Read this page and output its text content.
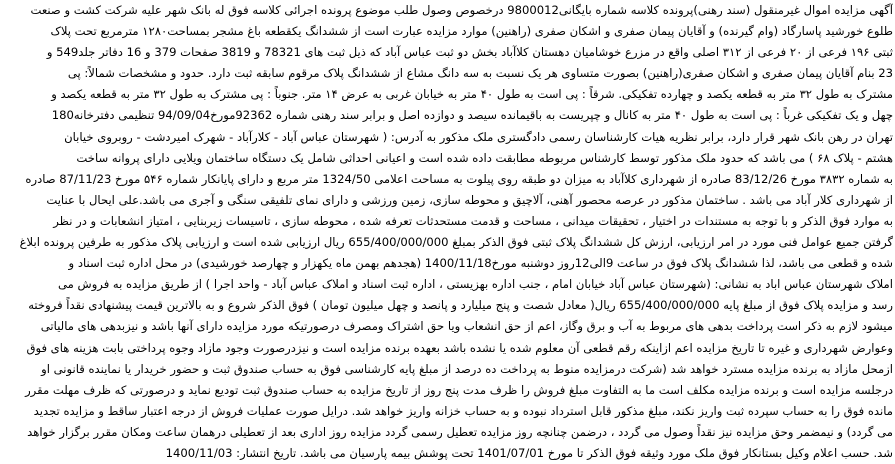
آگهی مزایده اموال غیرمنقول (سند رهنی)پرونده کلاسه شماره بایگانی9800012 درخصوص وصول طلب موضوع پرونده اجرائی کلاسه فوق له بانک شهر علیه شرکت کشت و صنعت
طلوع خورشید پاسارگاد (وام گیرنده) و آقایان پیمان صفری و اشکان صفری (راهنین) موارد مزایده عبارت است از ششدانگ یکقطعه باغ مشجر بمساحت۱۲۸۰ مترمربع تحت پلاک
ثبتی ۱۹۶ فرعی از ۲۰ فرعی از ۳۱۲ اصلی واقع در مزرع خوشامیان دهستان کلاآباد بخش دو ثبت عباس آباد که ذیل ثبت های 78321 و 3819 صفحات 379 و 16 دفاتر جلد549 و
23 بنام آقایان پیمان صفری و اشکان صفری(راهنین) بصورت متساوی هر یک نسبت به سه دانگ مشاع از ششدانگ پلاک مرقوم سابقه ثبت دارد. حدود و مشخصات شمالاً: پی
مشترک به طول ۳۲ متر به قطعه یکصد و چهارده تفکیکی. شرقاً : پی است به طول ۴۰ متر به خیابان غربی به عرض ۱۴ متر. جنوباً : پی مشترک به طول ۳۲ متر به قطعه یکصد و
چهل و یک تفکیکی غرباً : پی است به طول ۴۰ متر به کانال و چپریست به باقیمانده سیصد و دوازده اصل و برابر سند رهنی شماره 92362مورخ94/09/04 تنظیمی دفترخانه180
تهران در رهن بانک شهر قرار دارد، برابر نظریه هیات کارشناسان رسمی دادگستری ملک مذکور به آدرس: ( شهرستان عباس آباد - کلارآباد - شهرک امیردشت - روبروی خیابان
هشتم - پلاک ۶۸ ) می باشد که حدود ملک مذکور توسط کارشناس مربوطه مطابقت داده شده است و اعیانی احداثی شامل یک دستگاه ساختمان ویلایی دارای پروانه ساخت
به شماره ۳۸۳۲ مورخ 83/12/26 صادره از شهرداری کلاآباد به میزان دو طبقه روی پیلوت به مساحت اعلامی 1324/50 متر مربع و دارای پایانکار شماره ۵۴۶ مورخ 87/11/23 صادره
از شهرداری کلار آباد می باشد . ساختمان مذکور در عرصه محصور آهنی، آلاچیق و محوطه سازی، زمین ورزشی و دارای نمای تلفیقی سنگی و آجری می باشد.علی ایحال با عنایت
به موارد فوق الذکر و با توجه به مستندات در اختیار ، تحقیقات میدانی ، مساحت و قدمت مستحدثات تعرفه شده ، محوطه سازی ، تاسیسات زیربنایی ، امتیاز انشعابات و در نظر
گرفتن جمیع عوامل فنی مورد در امر ارزیابی، ارزش کل ششدانگ پلاک ثبتی فوق الذکر بمبلغ 655/400/000/000 ریال ارزیابی شده است و ارزیابی پلاک مذکور به طرفین پرونده ابلاغ
شده و قطعی می باشد، لذا ششدانگ پلاک فوق در ساعت 9الی12روز دوشنبه مورخ1400/11/18 (هجدهم بهمن ماه یکهزار و چهارصد خورشیدی) در محل اداره ثبت اسناد و
املاک شهرستان عباس اباد به نشانی: (شهرستان عباس آباد خیابان امام ، جنب اداره بهزیستی ، اداره ثبت اسناد و املاک عباس آباد - واحد اجرا ) از طریق مزایده به فروش می
رسد و مزایده پلاک فوق از مبلغ پایه 655/400/000/000 ریال( معادل شصت و پنج میلیارد و پانصد و چهل میلیون تومان ) فوق الذکر شروع و به بالاترین قیمت پیشنهادی نقداً فروخته
میشود لازم به ذکر است پرداخت بدهی های مربوط به آب و برق وگاز، اعم از حق انشعاب ویا حق اشتراک ومصرف درصورتیکه مورد مزایده دارای آنها باشد و نیزبدهی های مالیاتی
وعوارض شهرداری و غیره تا تاریخ مزایده اعم ازاینکه رقم قطعی آن معلوم شده یا نشده باشد بعهده برنده مزایده است و نیزدرصورت وجود مازاد وجوه پرداختی بابت هزینه های فوق
ازمحل مازاد به برنده مزایده مسترد خواهد شد (شرکت درمزایده منوط به پرداخت ده درصد از مبلغ پایه کارشناسی فوق به حساب صندوق ثبت و حضور خریدار یا نماینده قانونی او
درجلسه مزایده است و برنده مزایده مکلف است ما به التفاوت مبلغ فروش را ظرف مدت پنج روز از تاریخ مزایده به حساب صندوق ثبت تودیع نماید و درصورتی که ظرف مهلت مقرر
مانده فوق را به حساب سپرده ثبت واریز نکند، مبلغ مذکور قابل استرداد نبوده و به حساب خزانه واریز خواهد شد. درایل صورت عملیات فروش از درجه اعتبار ساقط و مزایده تجدید
می گردد) و نیمضمر وحق مزایده نیز نقداً وصول می گردد ، درضمن چنانچه روز مزایده تعطیل رسمی گردد مزایده روز اداری بعد از تعطیلی درهمان ساعت ومکان مقرر برگزار خواهد
شد. حسب اعلام وکیل بستانکار فوق ملک مورد وثیقه فوق الذکر تا مورخ 1401/07/01 تحت پوشش بیمه پارسیان می باشد. تاریخ انتشار: 1400/11/03
